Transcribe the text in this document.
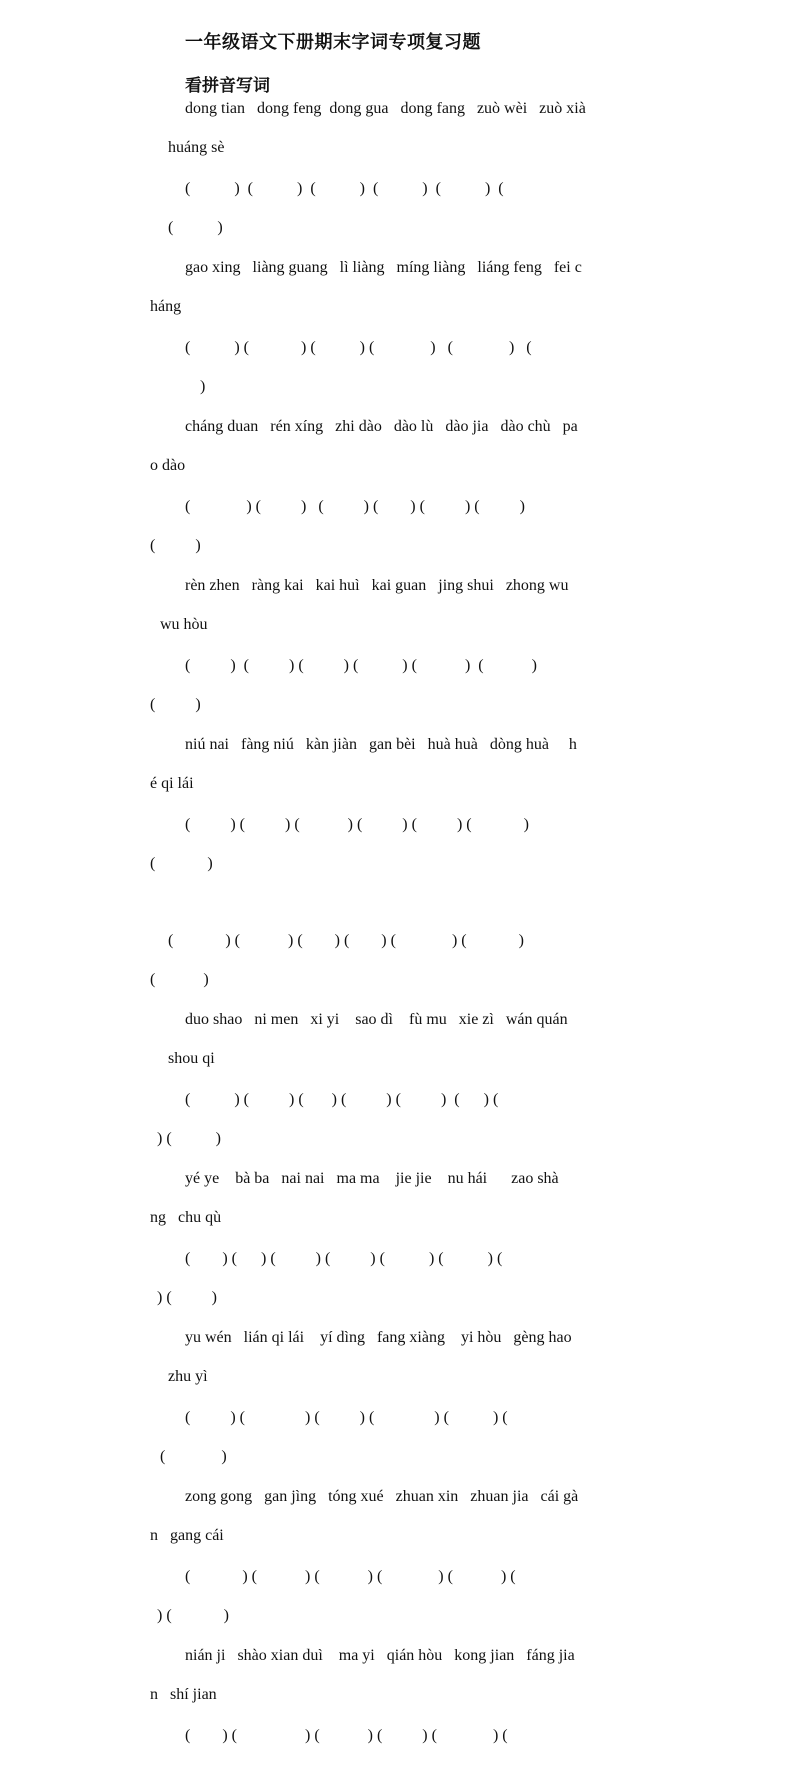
一年级语文下册期末字词专项复习题
看拼音写词
dong tian   dong feng  dong gua   dong fang   zuò wèi   zuò xià
huáng sè
(           )  (           )  (           )  (           )  (           )  (
(           )
gao xing   liàng guang   lì liàng   míng liàng   liáng feng   fei c
háng
(           ) (             ) (           ) (              )   (              )   (
)
cháng duan   rén xíng   zhi dào   dào lù   dào jia   dào chù   pa
o dào
(              ) (          )   (          ) (        ) (          ) (          )
(          )
rèn zhen   ràng kai   kai huì   kai guan   jing shui   zhong wu
wu hòu
(          )  (          ) (          ) (           ) (            )  (            )
(          )
niú nai   fàng niú   kàn jiàn   gan bèi   huà huà   dòng huà     h
é qi lái
(          ) (          ) (            ) (          ) (          ) (             )
(             )
(             ) (            ) (        ) (        ) (              ) (             )
(            )
duo shao   ni men   xi yi    sao dì    fù mu   xie zì   wán quán
shou qi
(           ) (          ) (       ) (          ) (          )  (      ) (
) (           )
yé ye    bà ba   nai nai   ma ma    jie jie    nu hái      zao shà
ng   chu qù
(        ) (      ) (          ) (          ) (           ) (           ) (
) (          )
yu wén   lián qi lái    yí dìng   fang xiàng    yi hòu   gèng hao
zhu yì
(          ) (               ) (          ) (               ) (           ) (
(              )
zong gong   gan jìng   tóng xué   zhuan xin   zhuan jia   cái gà
n   gang cái
(             ) (            ) (            ) (              ) (            ) (
) (             )
nián ji   shào xian duì    ma yi   qián hòu   kong jian   fáng jia
n   shí jian
(        ) (                 ) (            ) (          ) (              ) (
